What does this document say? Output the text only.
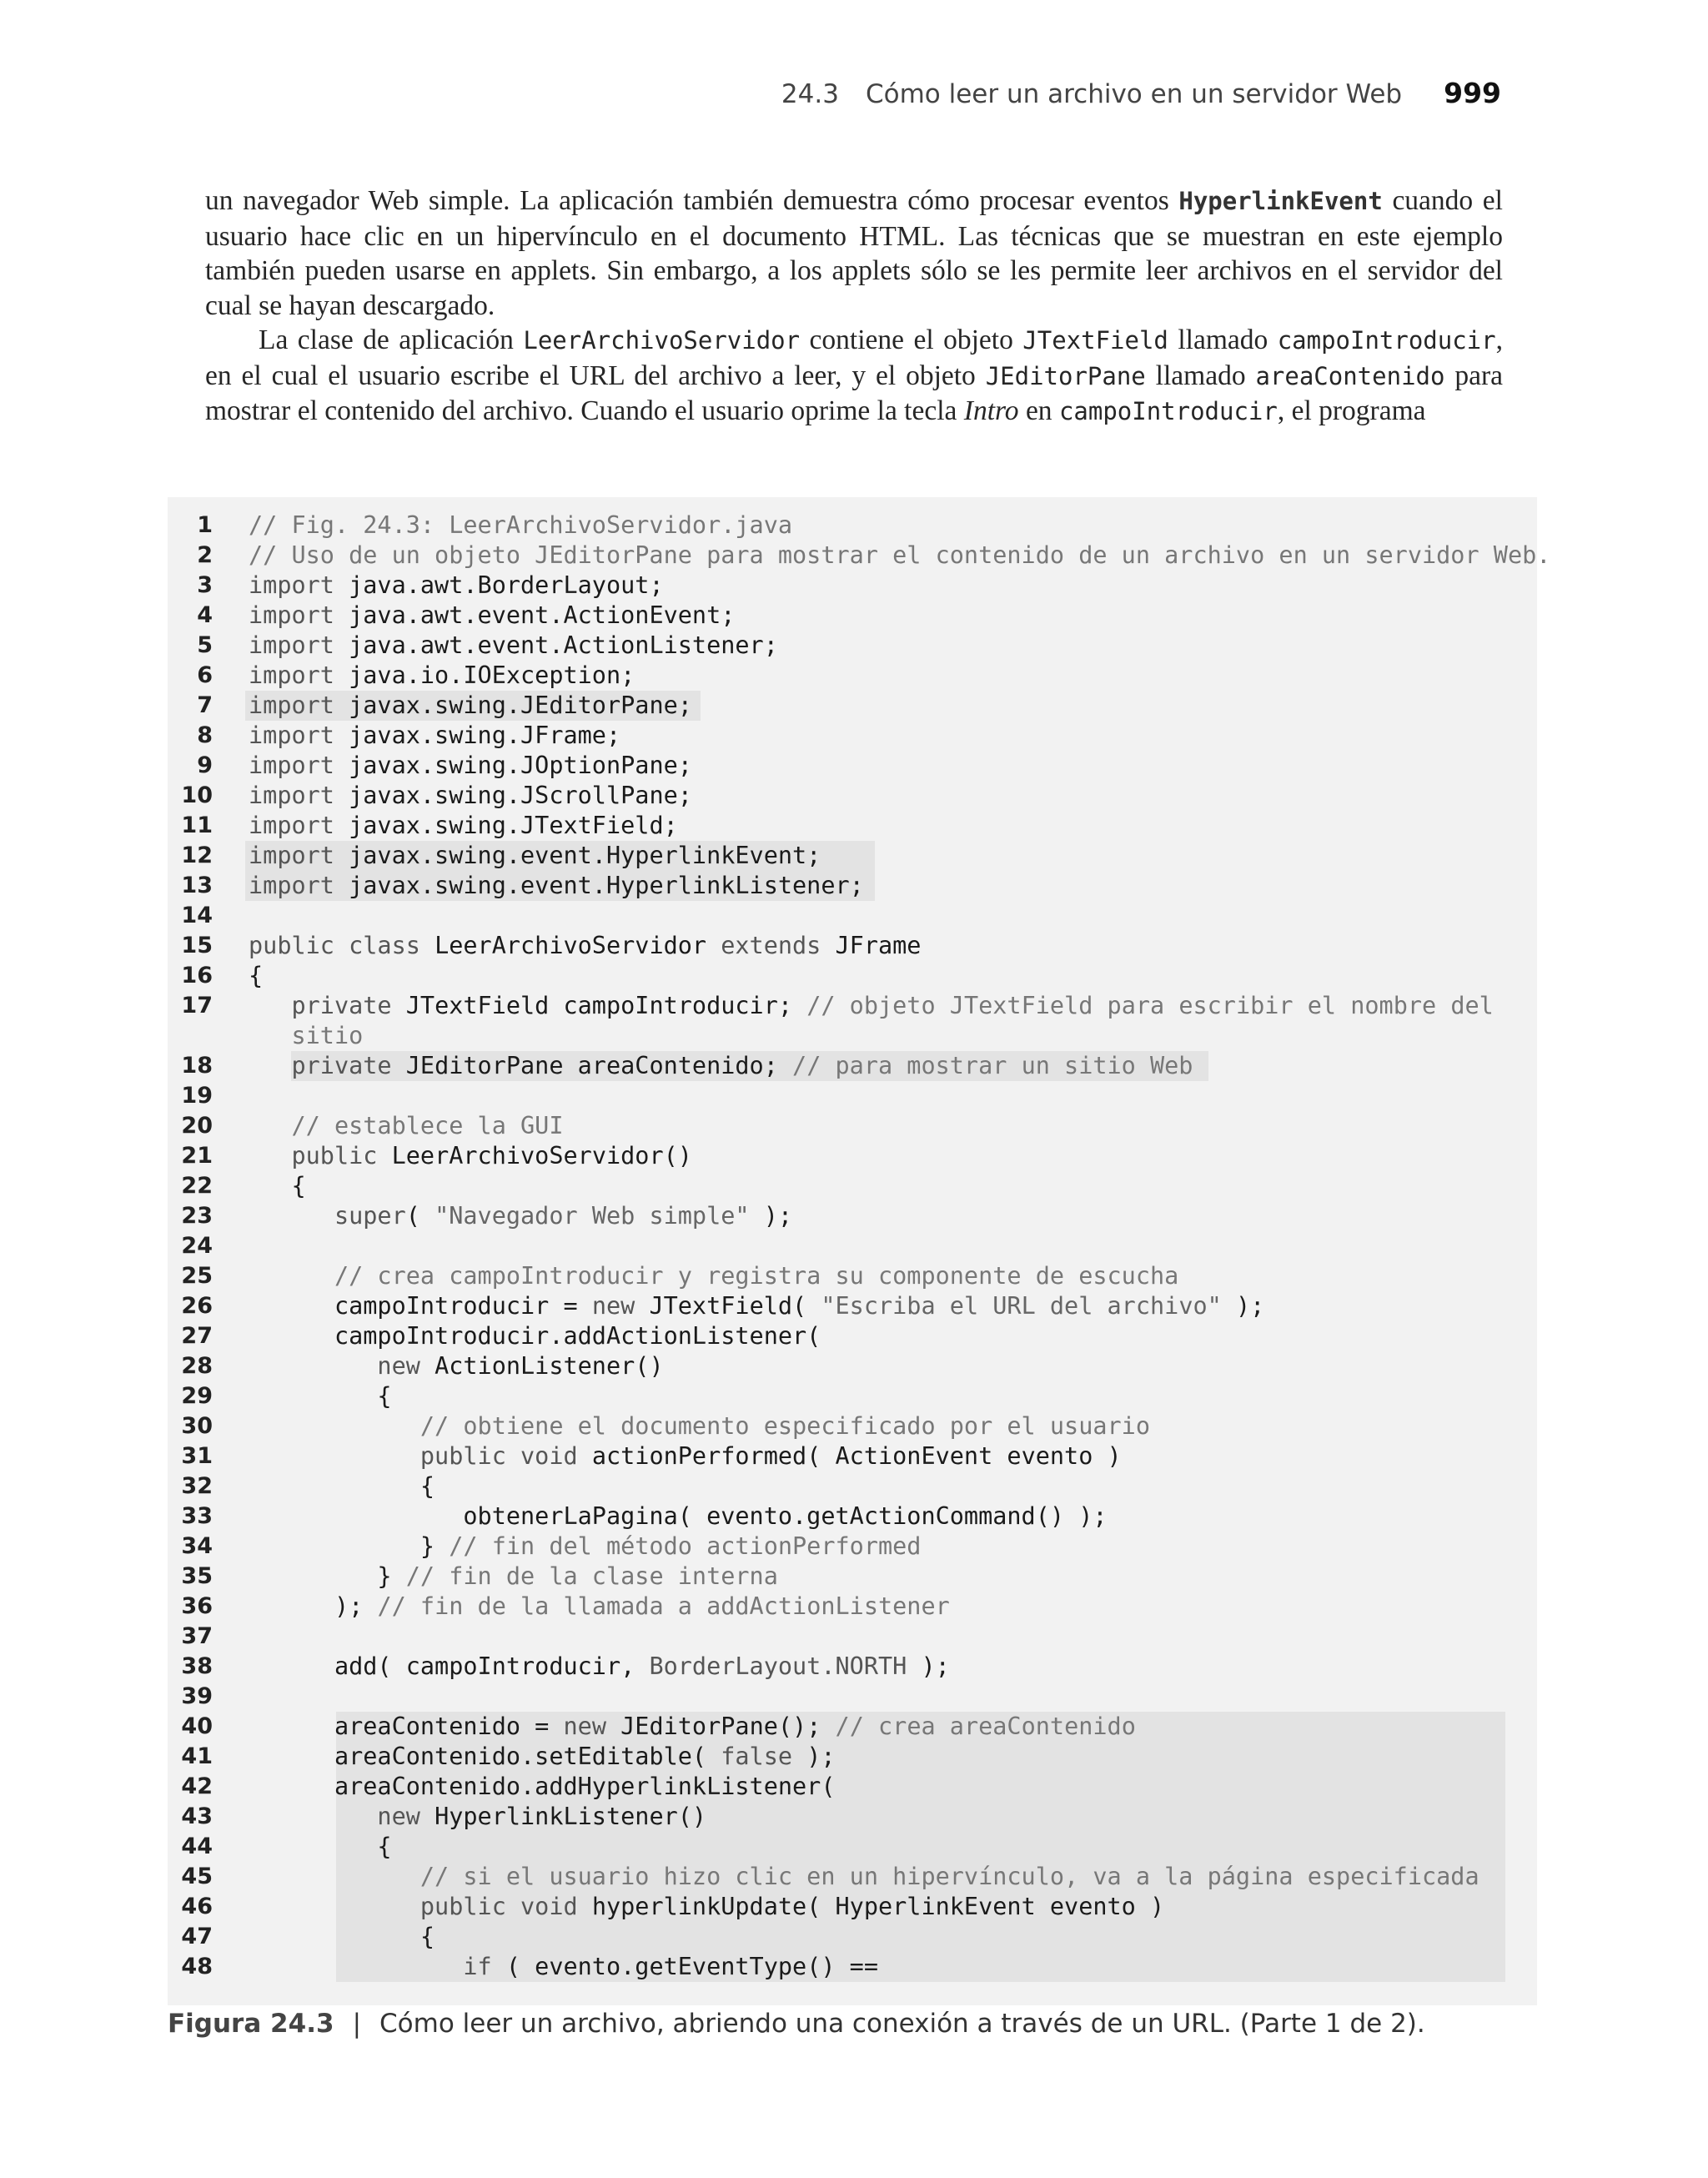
24.3 Cómo leer un archivo en un servidor Web 999

un navegador Web simple. La aplicación también demuestra cómo procesar eventos HyperlinkEvent cuando el usuario hace clic en un hipervínculo en el documento HTML. Las técnicas que se muestran en este ejemplo también pueden usarse en applets. Sin embargo, a los applets sólo se les permite leer archivos en el servidor del cual se hayan descargado.

La clase de aplicación LeerArchivoServidor contiene el objeto JTextField llamado campoIntroducir, en el cual el usuario escribe el URL del archivo a leer, y el objeto JEditorPane llamado areaContenido para mostrar el contenido del archivo. Cuando el usuario oprime la tecla Intro en campoIntroducir, el programa

1 // Fig. 24.3: LeerArchivoServidor.java
2 // Uso de un objeto JEditorPane para mostrar el contenido de un archivo en un servidor Web.
3 import java.awt.BorderLayout;
4 import java.awt.event.ActionEvent;
5 import java.awt.event.ActionListener;
6 import java.io.IOException;
7 import javax.swing.JEditorPane;
8 import javax.swing.JFrame;
9 import javax.swing.JOptionPane;
10 import javax.swing.JScrollPane;
11 import javax.swing.JTextField;
12 import javax.swing.event.HyperlinkEvent;
13 import javax.swing.event.HyperlinkListener;
14
15 public class LeerArchivoServidor extends JFrame
16 {
17 private JTextField campoIntroducir; // objeto JTextField para escribir el nombre del
sitio
18 private JEditorPane areaContenido; // para mostrar un sitio Web
19
20 // establece la GUI
21 public LeerArchivoServidor()
22 {
23 super( "Navegador Web simple" );
24
25 // crea campoIntroducir y registra su componente de escucha
26 campoIntroducir = new JTextField( "Escriba el URL del archivo" );
27 campoIntroducir.addActionListener(
28 new ActionListener()
29 {
30 // obtiene el documento especificado por el usuario
31 public void actionPerformed( ActionEvent evento )
32 {
33 obtenerLaPagina( evento.getActionCommand() );
34 } // fin del método actionPerformed
35 } // fin de la clase interna
36 ); // fin de la llamada a addActionListener
37
38 add( campoIntroducir, BorderLayout.NORTH );
39
40 areaContenido = new JEditorPane(); // crea areaContenido
41 areaContenido.setEditable( false );
42 areaContenido.addHyperlinkListener(
43 new HyperlinkListener()
44 {
45 // si el usuario hizo clic en un hipervínculo, va a la página especificada
46 public void hyperlinkUpdate( HyperlinkEvent evento )
47 {
48 if ( evento.getEventType() ==
Figura 24.3 | Cómo leer un archivo, abriendo una conexión a través de un URL. (Parte 1 de 2).
